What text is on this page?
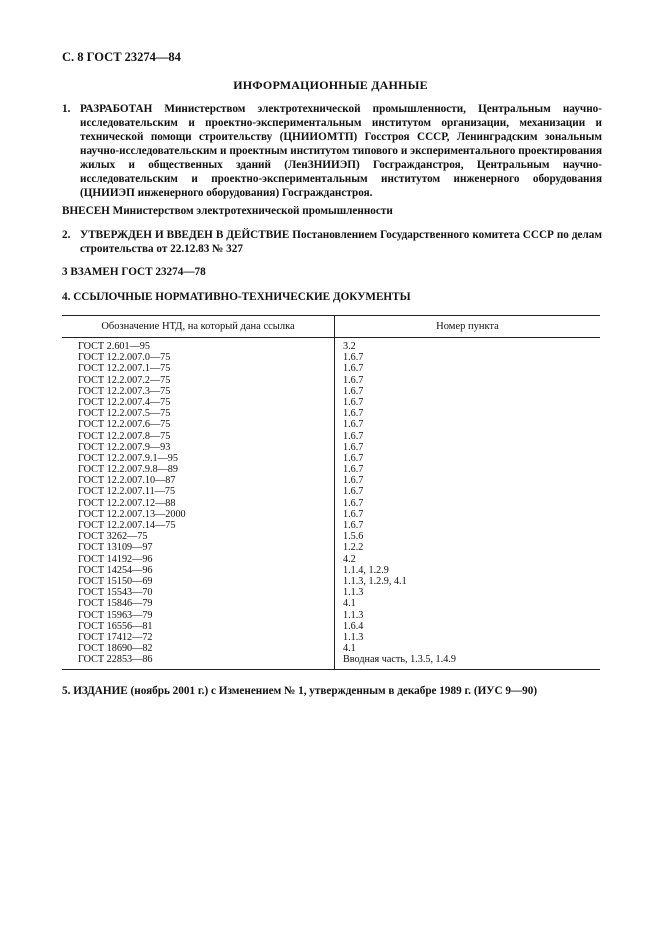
С. 8 ГОСТ 23274—84
ИНФОРМАЦИОННЫЕ ДАННЫЕ
1. РАЗРАБОТАН Министерством электротехнической промышленности, Центральным научно-исследовательским и проектно-экспериментальным институтом организации, механизации и технической помощи строительству (ЦНИИОМТП) Госстроя СССР, Ленинградским зональным научно-исследовательским и проектным институтом типового и экспериментального проектирования жилых и общественных зданий (ЛенЗНИИЭП) Госгражданстроя, Центральным научно-исследовательским и проектно-экспериментальным институтом инженерного оборудования (ЦНИИЭП инженерного оборудования) Госгражданстроя.
ВНЕСЕН Министерством электротехнической промышленности
2. УТВЕРЖДЕН И ВВЕДЕН В ДЕЙСТВИЕ Постановлением Государственного комитета СССР по делам строительства от 22.12.83 № 327
3 ВЗАМЕН ГОСТ 23274—78
4. ССЫЛОЧНЫЕ НОРМАТИВНО-ТЕХНИЧЕСКИЕ ДОКУМЕНТЫ
Обозначение НТД, на который дана ссылка	Номер пункта
ГОСТ 2.601—95	3.2
ГОСТ 12.2.007.0—75	1.6.7
ГОСТ 12.2.007.1—75	1.6.7
ГОСТ 12.2.007.2—75	1.6.7
ГОСТ 12.2.007.3—75	1.6.7
ГОСТ 12.2.007.4—75	1.6.7
ГОСТ 12.2.007.5—75	1.6.7
ГОСТ 12.2.007.6—75	1.6.7
ГОСТ 12.2.007.8—75	1.6.7
ГОСТ 12.2.007.9—93	1.6.7
ГОСТ 12.2.007.9.1—95	1.6.7
ГОСТ 12.2.007.9.8—89	1.6.7
ГОСТ 12.2.007.10—87	1.6.7
ГОСТ 12.2.007.11—75	1.6.7
ГОСТ 12.2.007.12—88	1.6.7
ГОСТ 12.2.007.13—2000	1.6.7
ГОСТ 12.2.007.14—75	1.6.7
ГОСТ 3262—75	1.5.6
ГОСТ 13109—97	1.2.2
ГОСТ 14192—96	4.2
ГОСТ 14254—96	1.1.4, 1.2.9
ГОСТ 15150—69	1.1.3, 1.2.9, 4.1
ГОСТ 15543—70	1.1.3
ГОСТ 15846—79	4.1
ГОСТ 15963—79	1.1.3
ГОСТ 16556—81	1.6.4
ГОСТ 17412—72	1.1.3
ГОСТ 18690—82	4.1
ГОСТ 22853—86	Вводная часть, 1.3.5, 1.4.9
5. ИЗДАНИЕ (ноябрь 2001 г.) с Изменением № 1, утвержденным в декабре 1989 г. (ИУС 9—90)
